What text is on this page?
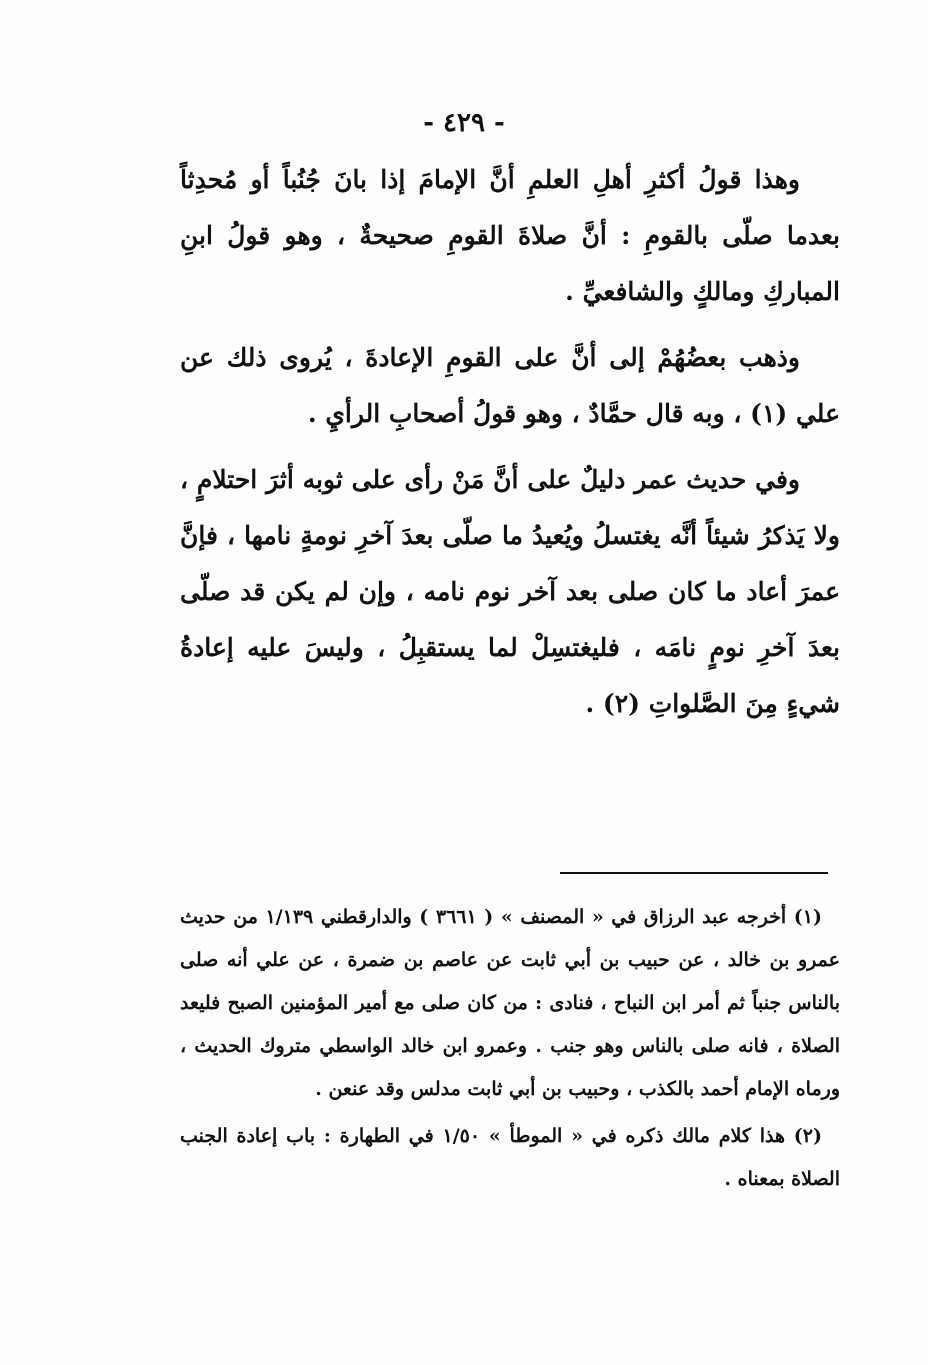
- ٤٢٩ -

وهذا قولُ أكثرِ أهلِ العلمِ أنَّ الإمامَ إذا بانَ جُنُباً أو مُحدِثاً بعدما صلّى بالقومِ : أنَّ صلاةَ القومِ صحيحةٌ ، وهو قولُ ابنِ المباركِ ومالكٍ والشافعيِّ .

وذهب بعضُهُمْ إلى أنَّ على القومِ الإعادةَ ، يُروى ذلك عن علي (١) ، وبه قال حمَّادٌ ، وهو قولُ أصحابِ الرأيِ .

وفي حديث عمر دليلٌ على أنَّ مَنْ رأى على ثوبه أثرَ احتلامٍ ، ولا يَذكرُ شيئاً أنَّه يغتسلُ ويُعيدُ ما صلّى بعدَ آخرِ نومةٍ نامها ، فإنَّ عمرَ أعاد ما كان صلى بعد آخر نوم نامه ، وإن لم يكن قد صلّى بعدَ آخرِ نومٍ نامَه ، فليغتسِلْ لما يستقبِلُ ، وليسَ عليه إعادةُ شيءٍ مِنَ الصَّلواتِ (٢) .

(١) أخرجه عبد الرزاق في « المصنف » ( ٣٦٦١ ) والدارقطني ١/١٣٩ من حديث عمرو بن خالد ، عن حبيب بن أبي ثابت عن عاصم بن ضمرة ، عن علي أنه صلى بالناس جنباً ثم أمر ابن النباح ، فنادى : من كان صلى مع أمير المؤمنين الصبح فليعد الصلاة ، فانه صلى بالناس وهو جنب . وعمرو ابن خالد الواسطي متروك الحديث ، ورماه الإمام أحمد بالكذب ، وحبيب بن أبي ثابت مدلس وقد عنعن .

(٢) هذا كلام مالك ذكره في « الموطأ » ١/٥٠ في الطهارة : باب إعادة الجنب الصلاة بمعناه .
